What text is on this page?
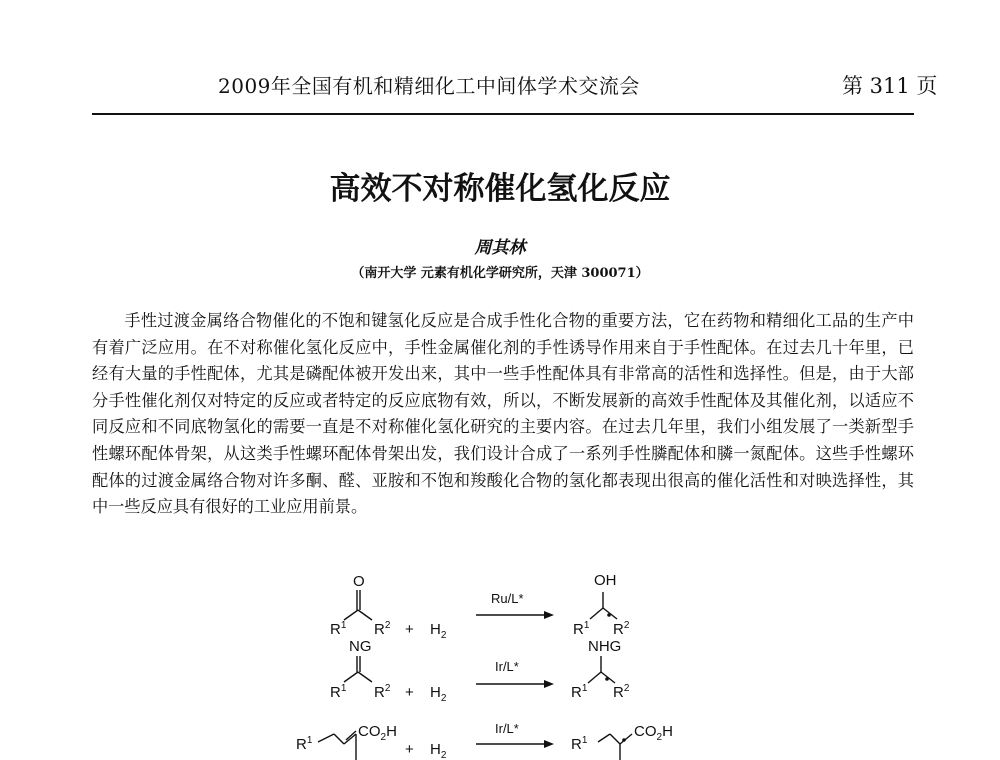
2009年全国有机和精细化工中间体学术交流会	第 311 页
高效不对称催化氢化反应
周其林
（南开大学 元素有机化学研究所，天津 300071）

手性过渡金属络合物催化的不饱和键氢化反应是合成手性化合物的重要方法，它在药物和精细化工品的生产中有着广泛应用。在不对称催化氢化反应中，手性金属催化剂的手性诱导作用来自于手性配体。在过去几十年里，已经有大量的手性配体，尤其是磷配体被开发出来，其中一些手性配体具有非常高的活性和选择性。但是，由于大部分手性催化剂仅对特定的反应或者特定的反应底物有效，所以，不断发展新的高效手性配体及其催化剂，以适应不同反应和不同底物氢化的需要一直是不对称催化氢化研究的主要内容。在过去几年里，我们小组发展了一类新型手性螺环配体骨架，从这类手性螺环配体骨架出发，我们设计合成了一系列手性膦配体和膦一氮配体。这些手性螺环配体的过渡金属络合物对许多酮、醛、亚胺和不饱和羧酸化合物的氢化都表现出很高的催化活性和对映选择性，其中一些反应具有很好的工业应用前景。

O
$R^1$ $R^2 + H_2$
Ru/L*
OH
$R^1$ $R^2$
NG
$R^1$ $R^2 + H_2$
Ir/L*
NHG
$R^1$ $R^2$
$R^1$
$CO_2H$
+ $H_2$
Ir/L*
$R^1$
$CO_2H$
